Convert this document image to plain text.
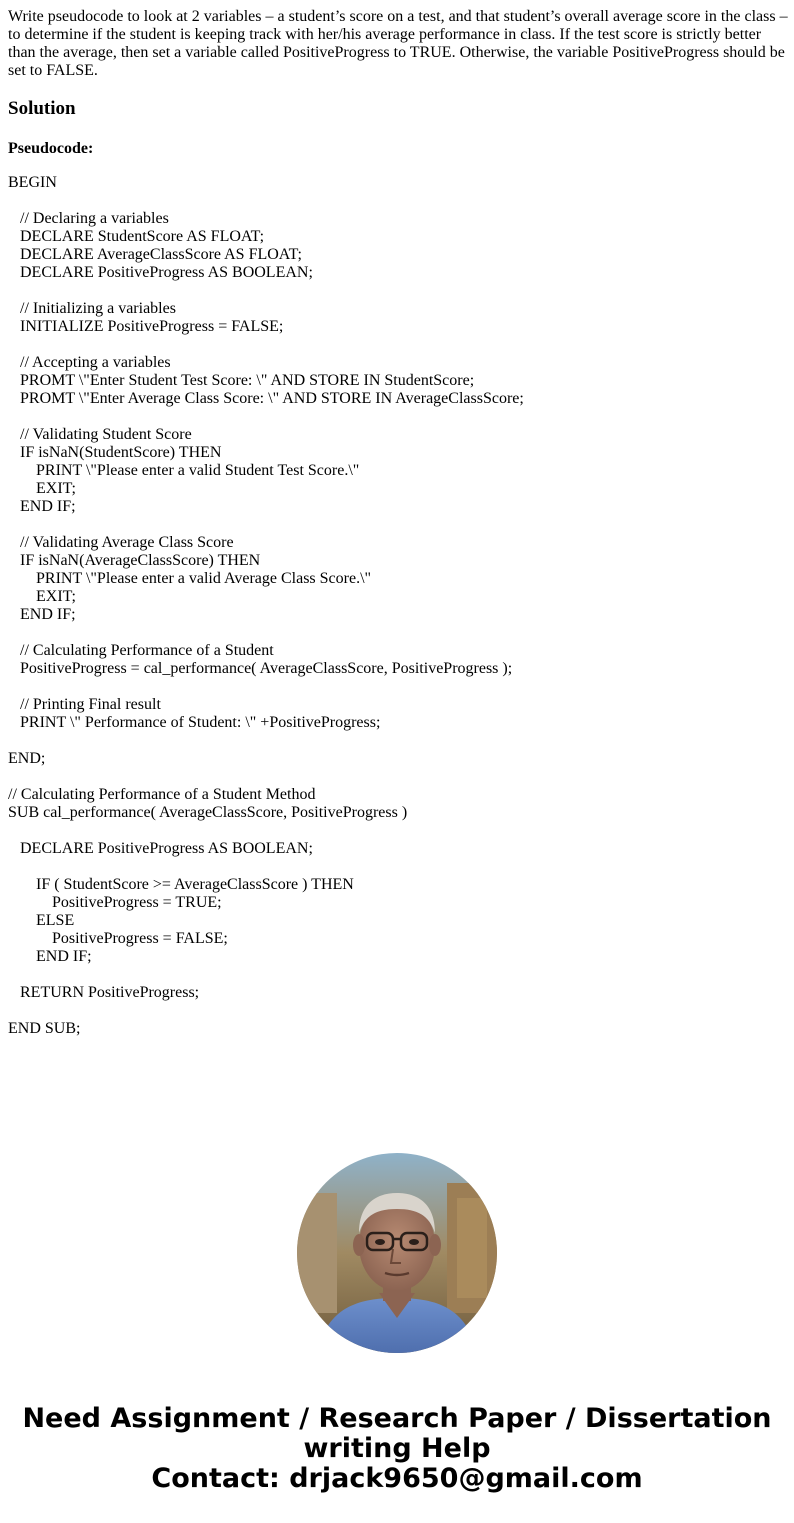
Write pseudocode to look at 2 variables – a student’s score on a test, and that student’s overall average score in the class – to determine if the student is keeping track with her/his average performance in class. If the test score is strictly better than the average, then set a variable called PositiveProgress to TRUE. Otherwise, the variable PositiveProgress should be set to FALSE.

Solution
Pseudocode:
BEGIN
// Declaring a variables
DECLARE StudentScore AS FLOAT;
DECLARE AverageClassScore AS FLOAT;
DECLARE PositiveProgress AS BOOLEAN;
// Initializing a variables
INITIALIZE PositiveProgress = FALSE;
// Accepting a variables
PROMT \"Enter Student Test Score: \" AND STORE IN StudentScore;
PROMT \"Enter Average Class Score: \" AND STORE IN AverageClassScore;
// Validating Student Score
IF isNaN(StudentScore) THEN
PRINT \"Please enter a valid Student Test Score.\"
EXIT;
END IF;
// Validating Average Class Score
IF isNaN(AverageClassScore) THEN
PRINT \"Please enter a valid Average Class Score.\"
EXIT;
END IF;
// Calculating Performance of a Student
PositiveProgress = cal_performance( AverageClassScore, PositiveProgress );
// Printing Final result
PRINT \" Performance of Student: \" +PositiveProgress;
END;
// Calculating Performance of a Student Method
SUB cal_performance( AverageClassScore, PositiveProgress )
DECLARE PositiveProgress AS BOOLEAN;
IF ( StudentScore >= AverageClassScore ) THEN
PositiveProgress = TRUE;
ELSE
PositiveProgress = FALSE;
END IF;
RETURN PositiveProgress;
END SUB;
Need Assignment / Research Paper / Dissertation
writing Help
Contact: drjack9650@gmail.com
